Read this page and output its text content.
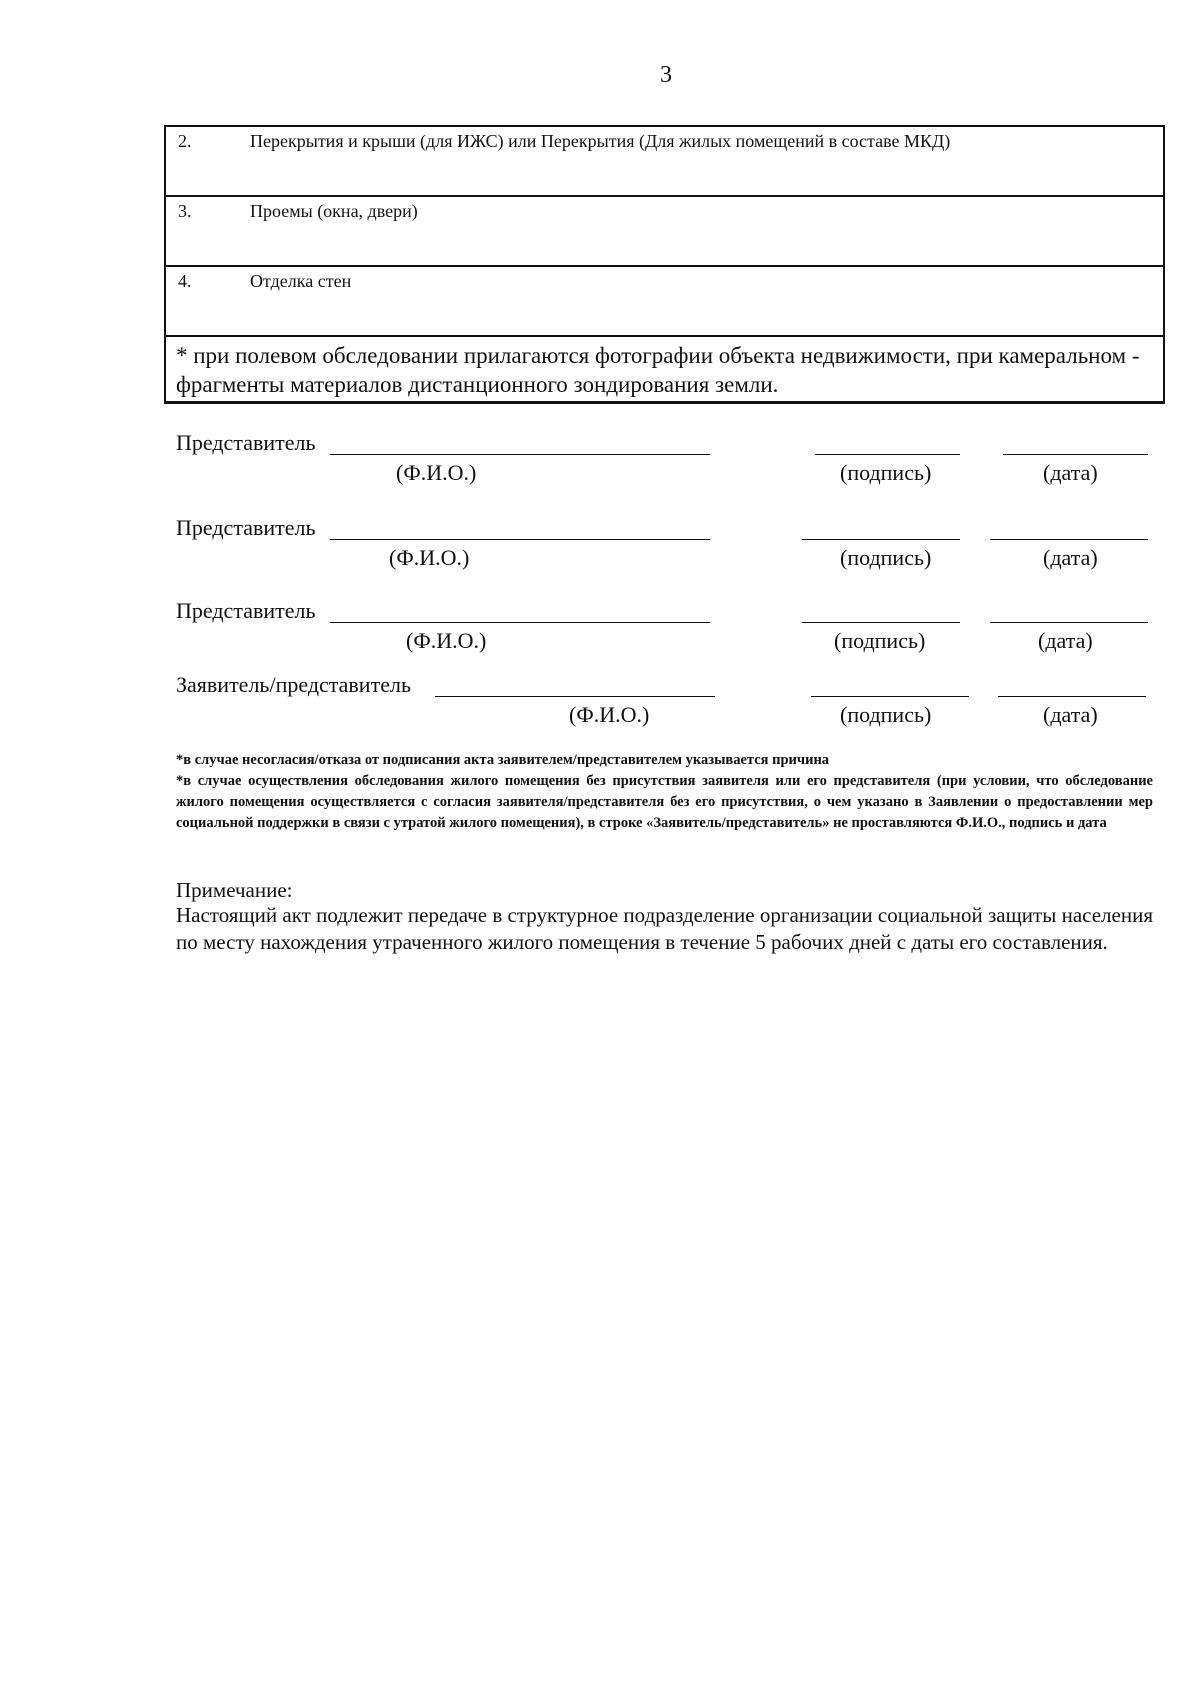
3
2.	Перекрытия и крыши (для ИЖС) или Перекрытия (Для жилых помещений в составе МКД)
3.	Проемы (окна, двери)
4.	Отделка стен
* при полевом обследовании прилагаются фотографии объекта недвижимости, при камеральном - фрагменты материалов дистанционного зондирования земли.
Представитель
(Ф.И.О.)	(подпись)	(дата)
Представитель
(Ф.И.О.)	(подпись)	(дата)
Представитель
(Ф.И.О.)	(подпись)	(дата)
Заявитель/представитель
(Ф.И.О.)	(подпись)	(дата)

*в случае несогласия/отказа от подписания акта заявителем/представителем указывается причина

*в случае осуществления обследования жилого помещения без присутствия заявителя или его представителя (при условии, что обследование жилого помещения осуществляется с согласия заявителя/представителя без его присутствия, о чем указано в Заявлении о предоставлении мер социальной поддержки в связи с утратой жилого помещения), в строке «Заявитель/представитель» не проставляются Ф.И.О., подпись и дата

Примечание:
Настоящий акт подлежит передаче в структурное подразделение организации социальной защиты населения по месту нахождения утраченного жилого помещения в течение 5 рабочих дней с даты его составления.
